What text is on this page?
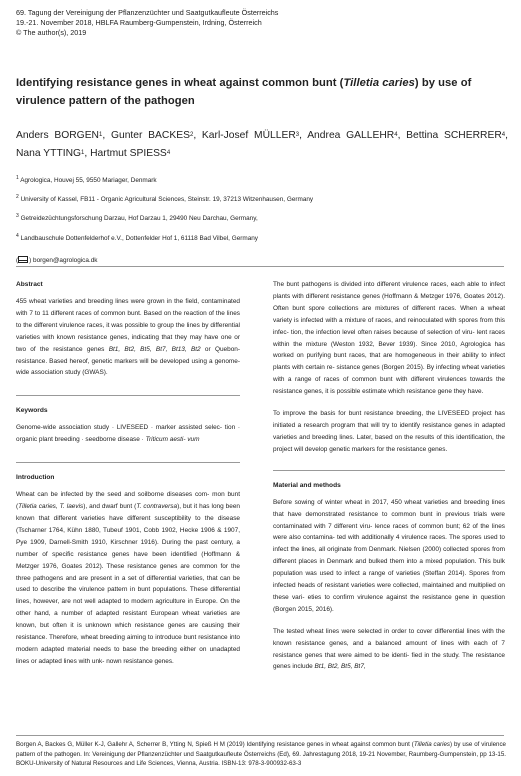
69. Tagung der Vereinigung der Pflanzenzüchter und Saatgutkaufleute Österreichs
19.-21. November 2018, HBLFA Raumberg-Gumpenstein, Irdning, Österreich
© The author(s), 2019
Identifying resistance genes in wheat against common bunt (Tilletia caries) by use of virulence pattern of the pathogen
Anders BORGEN$^1$, Gunter BACKES$^2$, Karl-Josef MÜLLER$^3$, Andrea GALLEHR$^4$, Bettina SCHERRER$^4$, Nana YTTING$^1$, Hartmut SPIESS$^4$
$^1$ Agrologica, Houvej 55, 9550 Mariager, Denmark
$^2$ University of Kassel, FB11 - Organic Agricultural Sciences, Steinstr. 19, 37213 Witzenhausen, Germany
$^3$ Getreidezüchtungsforschung Darzau, Hof Darzau 1, 29490 Neu Darchau, Germany,
$^4$ Landbauschule Dottenfelderhof e.V., Dottenfelder Hof 1, 61118 Bad Vilbel, Germany
( ) borgen@agrologica.dk

Abstract

455 wheat varieties and breeding lines were grown in the field, contaminated with 7 to 11 different races of common bunt. Based on the reaction of the lines to the different virulence races, it was possible to group the lines by differential varieties with known resistance genes, indicating that they may have one or two of the resistance genes Bt1, Bt2, Bt5, Bt7, Bt13, Bt2 or Quebon- resistance. Based hereof, genetic markers will be developed using a genome-wide association study (GWAS).

Keywords

Genome-wide association study · LIVESEED · marker assisted selec- tion · organic plant breeding · seedborne disease · Triticum aesti- vum

Introduction

Wheat can be infected by the seed and soilborne diseases com- mon bunt (Tilletia caries, T. laevis), and dwarf bunt (T. contraversa), but it has long been known that different varieties have different susceptibility to the disease (Tscharner 1764, Kühn 1880, Tubeuf 1901, Cobb 1902, Hecke 1906 & 1907, Pye 1909, Darnell-Smith 1910, Kirschner 1916). During the past century, a number of specific resistance genes have been identified (Hoffmann & Metzger 1976, Goates 2012). These resistance genes are common for the three pathogens and are present in a set of differential varieties, that can be used to describe the virulence pattern in bunt populations. These differential lines, however, are not well adapted to modern agriculture in Europe. On the other hand, a number of adapted resistant European wheat varieties are known, but often it is unknown which resistance genes are causing their resistance. Therefore, wheat breeding aiming to introduce bunt resistance into modern adapted material needs to base the breeding either on unadapted lines or adapted lines with unk- nown resistance genes.

The bunt pathogens is divided into different virulence races, each able to infect plants with different resistance genes (Hoffmann & Metzger 1976, Goates 2012). Often bunt spore collections are mixtures of different races. When a wheat variety is infected with a mixture of races, and reinoculated with spores from this infec- tion, the infection level often raises because of selection of viru- lent races within the mixture (Weston 1932, Bever 1939). Since 2010, Agrologica has worked on purifying bunt races, that are homogeneous in their ability to infect plants with certain re- sistance genes (Borgen 2015). By infecting wheat varieties with a range of races of common bunt with different virulences towards the resistance genes, it is possible estimate which resistance gene they have.

To improve the basis for bunt resistance breeding, the LIVESEED project has initiated a research program that will try to identify resistance genes in adapted varieties and breeding lines. Later, based on the results of this identification, the project will develop genetic markers for the resistance genes.

Material and methods

Before sowing of winter wheat in 2017, 450 wheat varieties and breeding lines that have demonstrated resistance to common bunt in previous trials were contaminated with 7 different viru- lence races of common bunt; 62 of the lines were also contamina- ted with additionally 4 virulence races. The spores used to infect the lines, all originate from Denmark. Nielsen (2000) collected spores from different places in Denmark and bulked them into a mixed population. This bulk population was used to infect a range of varieties (Steffan 2014). Spores from infected heads of resistant varieties were collected, maintained and multiplied on these vari- eties to confirm virulence against the resistance gene in question (Borgen 2015, 2016).

The tested wheat lines were selected in order to cover differential lines with the known resistance genes, and a balanced amount of lines with each of 7 resistance genes that were aimed to be identi- fied in the study. The resistance genes include Bt1, Bt2, Bt5, Bt7,

Borgen A, Backes G, Müller K-J, Gallehr A, Scherrer B, Ytting N, Spieß H M (2019) Identifying resistance genes in wheat against common bunt (Tilletia caries) by use of virulence pattern of the pathogen. In: Vereinigung der Pflanzenzüchter und Saatgutkaufleute Österreichs (Ed), 69. Jahrestagung 2018, 19-21 November, Raumberg-Gumpenstein, pp 13-15. BOKU-University of Natural Resources and Life Sciences, Vienna, Austria. ISBN-13: 978-3-900932-63-3
